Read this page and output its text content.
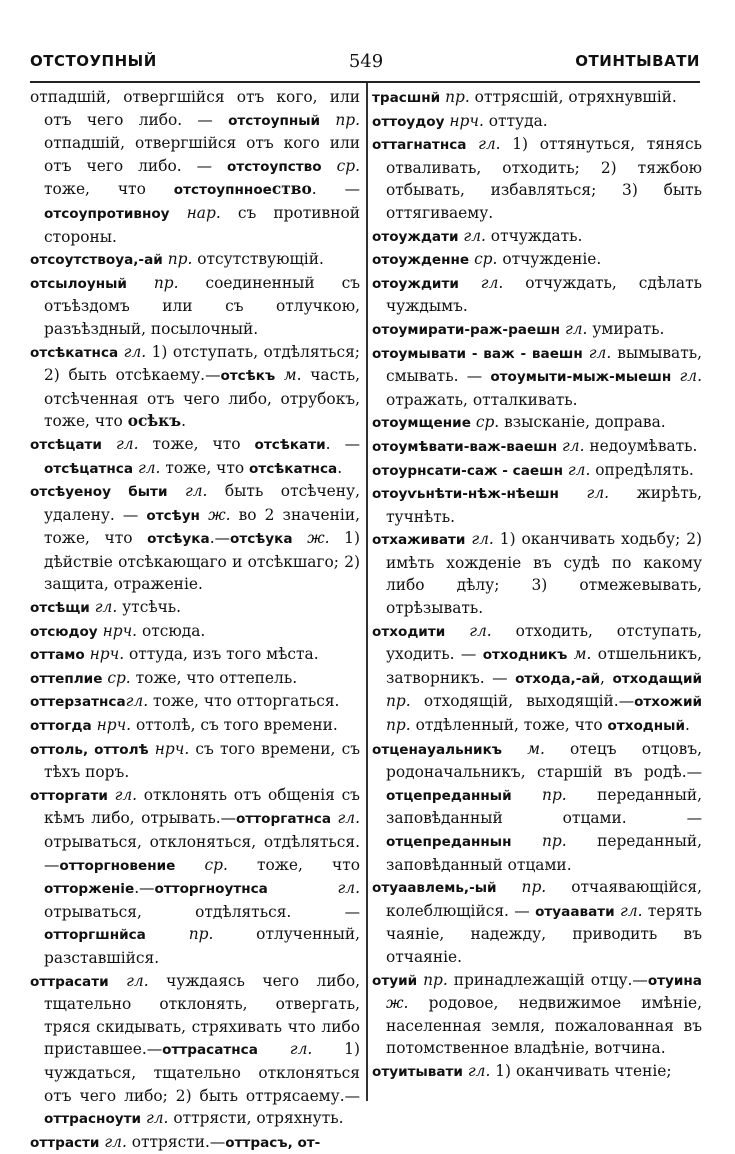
ОТСТОУПНЫЙ	549	ОТИНТЫВАТИ

отпадшій, отвергшійся отъ кого, или отъ чего либо. — отстоупный пр. отпадшій, отвергшійся отъ кого или отъ чего либо. — отстоупство ср. тоже, что отстоупнноество. — отсоупротивноу нар. съ противной стороны.

отсоутствоуа,-ай пр. отсутствующій.

отсылоуный пр. соединенный съ отъѣздомъ или съ отлучкою, разъѣздный, посылочный.

отсѣкатнса гл. 1) отступать, отдѣляться; 2) быть отсѣкаему.—отсѣкъ м. часть, отсѣченная отъ чего либо, отрубокъ, тоже, что осѣкъ.

отсѣцати гл. тоже, что отсѣкати. — отсѣцатнса гл. тоже, что отсѣкатнса.

отсѣуеноу быти гл. быть отсѣчену, удалену. — отсѣун ж. во 2 значеніи, тоже, что отсѣука.—отсѣука ж. 1) дѣйствіе отсѣкающаго и отсѣкшаго; 2) защита, отраженіе.

отсѣщи гл. утсѣчь.

отсюдоу нрч. отсюда.

оттамо нрч. оттуда, изъ того мѣста.

оттеплие ср. тоже, что оттепель.

оттерзатнсагл. тоже, что отторгаться.

оттогда нрч. оттолѣ, съ того времени.

оттоль, оттолѣ нрч. съ того времени, съ тѣхъ поръ.

отторгати гл. отклонять отъ общенія съ кѣмъ либо, отрывать.—отторгатнса гл. отрываться, отклоняться, отдѣляться.—отторгновение ср. тоже, что отторженіе.—отторгноутнса	гл. отрываться, отдѣляться. — отторгшнйса	пр. отлученный, разставшійся.

оттрасати гл. чуждаясь чего либо, тщательно отклонять, отвергать, тряся скидывать, стряхивать что либо приставшее.—оттрасатнса гл. 1) чуждаться, тщательно отклоняться отъ чего либо; 2) быть оттрясаему.— оттрасноути гл. оттрясти, отряхнуть.

оттрасти гл. оттрясти.—оттрасъ, от-

трасшнй пр. оттрясшій, отряхнувшій.

оттоудоу нрч. оттуда.

оттагнатнса гл. 1) оттянуться, тянясь отваливать, отходить; 2) тяжбою отбывать, избавляться; 3) быть оттягиваему.

отоуждати гл. отчуждать.

отоужденне ср. отчужденіе.

отоуждити гл. отчуждать, сдѣлать чуждымъ.

отоумирати-раж-раешн гл. умирать.

отоумывати - важ - ваешн гл. вымывать, смывать. — отоумыти-мыж-мыешн гл. отражать, отталкивать.

отоумщение ср. взысканіе, доправа.

отоумѣвати-важ-ваешн гл. недоумѣвать.

отоурнсати-саж - саешн гл. опредѣлять.

отоуѵьнѣти-нѣж-нѣешн гл. жирѣть, тучнѣть.

отхаживати гл. 1) оканчивать ходьбу; 2) имѣть хожденіе въ судѣ по какому либо дѣлу; 3) отмежевывать, отрѣзывать.

отходити гл. отходить, отступать, уходить. — отходникъ м. отшельникъ, затворникъ. — отхода,-ай, отходащий пр. отходящій, выходящій.—отхожий пр. отдѣленный, тоже, что отходный.

отценауальникъ м. отецъ отцовъ, родоначальникъ, старшій въ родѣ.— отцепреданный пр. переданный, заповѣданный отцами. — отцепреданнын пр. переданный, заповѣданный отцами.

отуаавлемь,-ый пр. отчаявающійся, колеблющійся. — отуаавати гл. терять чаяніе, надежду, приводить въ отчаяніе.

отуий пр. принадлежащій отцу.—отуина ж. родовое, недвижимое имѣніе, населенная земля, пожалованная въ потомственное владѣніе, вотчина.

отуитывати гл. 1) оканчивать чтеніе;
